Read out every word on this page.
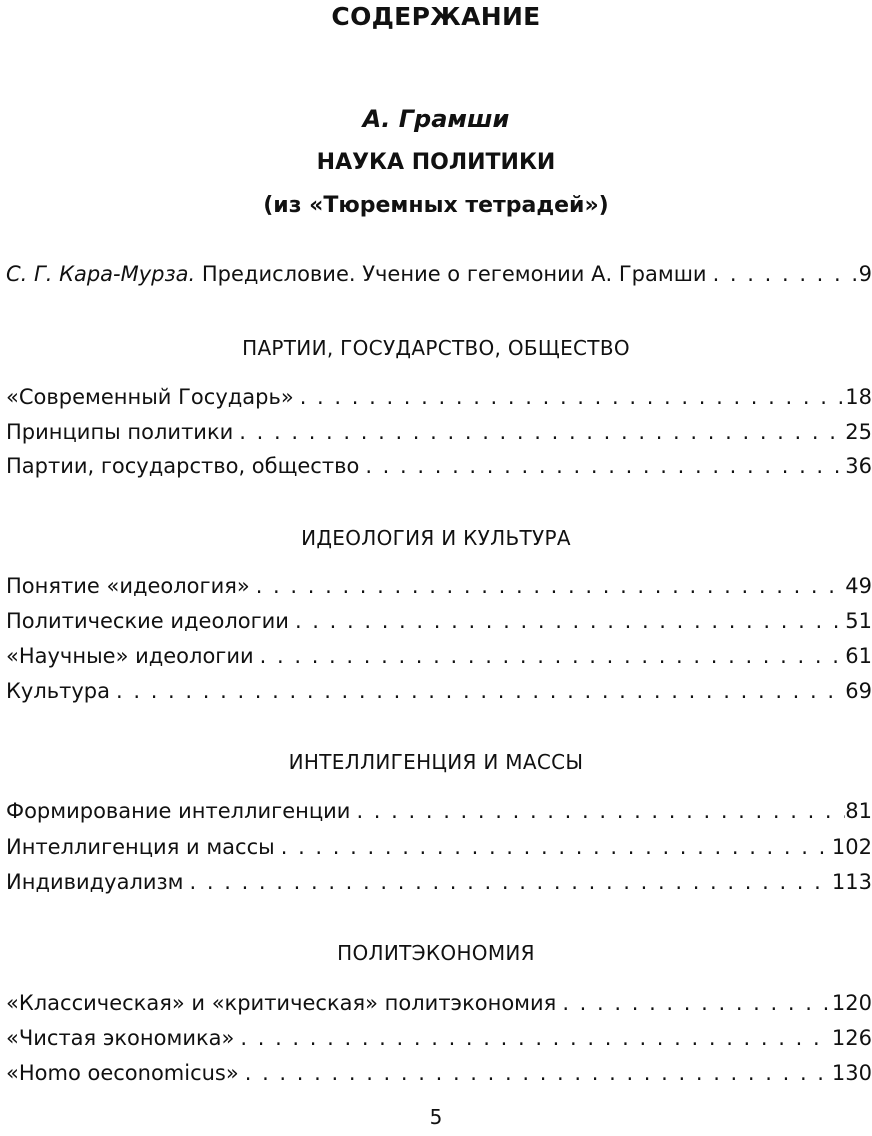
СОДЕРЖАНИЕ
А. Грамши
НАУКА ПОЛИТИКИ
(из «Тюремных тетрадей»)
С. Г. Кара-Мурза. Предисловие. Учение о гегемонии А. Грамши . . .	9
ПАРТИИ, ГОСУДАРСТВО, ОБЩЕСТВО
«Современный Государь» . . .	18
Принципы политики . . .	25
Партии, государство, общество . . .	36
ИДЕОЛОГИЯ И КУЛЬТУРА
Понятие «идеология» . . .	49
Политические идеологии . . .	51
«Научные» идеологии . . .	61
Культура . . .	69
ИНТЕЛЛИГЕНЦИЯ И МАССЫ
Формирование интеллигенции . . .	81
Интеллигенция и массы . . .	102
Индивидуализм . . .	113
ПОЛИТЭКОНОМИЯ
«Классическая» и «критическая» политэкономия . . .	120
«Чистая экономика» . . .	126
«Homo oeconomicus» . . .	130
5
